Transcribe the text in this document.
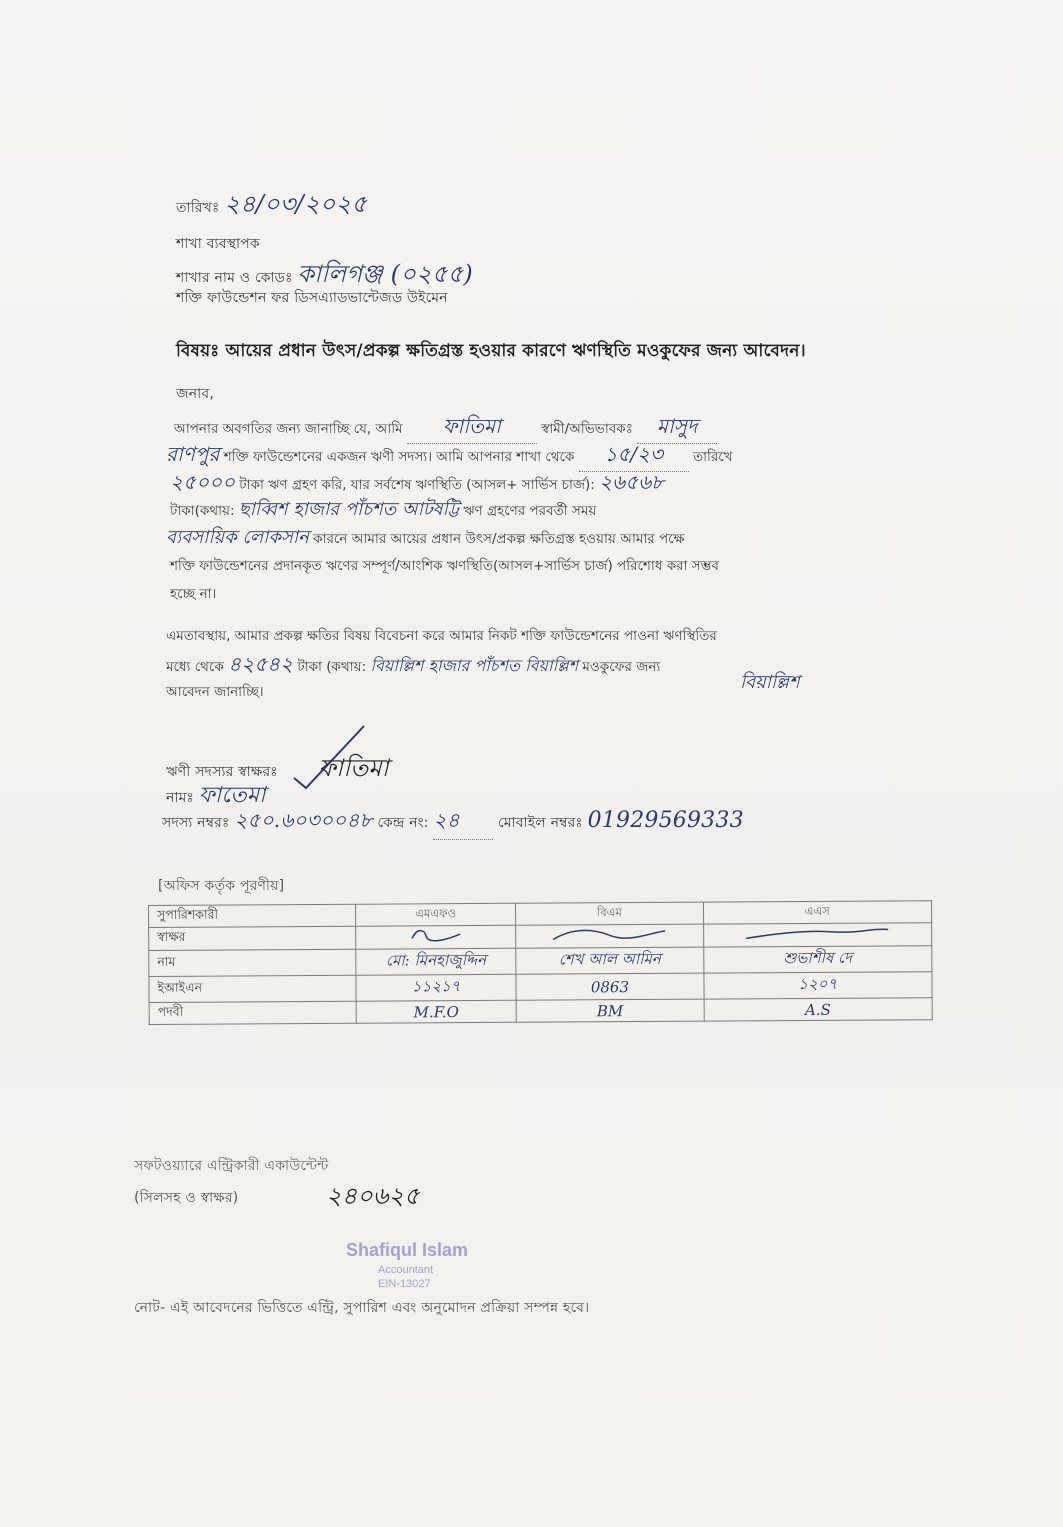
তারিখঃ ২৪/০৩/২০২৫
শাখা ব্যবস্থাপক
শাখার নাম ও কোডঃ কালিগঞ্জ (০২৫৫)
শক্তি ফাউন্ডেশন ফর ডিসএ্যাডভান্টেজড উইমেন
বিষয়ঃ আয়ের প্রধান উৎস/প্রকল্প ক্ষতিগ্রস্ত হওয়ার কারণে ঋণস্থিতি মওকুফের জন্য আবেদন।
জনাব,
আপনার অবগতির জন্য জানাচ্ছি যে, আমি ফাতিমা	স্বামী/অভিভাবকঃ মাসুদ
রাণপুর শক্তি ফাউন্ডেশনের একজন ঋণী সদস্য। আমি আপনার শাখা থেকে ১৫/২৩ তারিখে
২৫০০০ টাকা ঋণ গ্রহণ করি, যার সর্বশেষ ঋণস্থিতি (আসল+ সার্ভিস চার্জ): ২৬৫৬৮
টাকা(কথায়: ছাব্বিশ হাজার পাঁচশত আটষট্টি ঋণ গ্রহণের পরবর্তী সময়
ব্যবসায়িক লোকসান কারনে আমার আয়ের প্রধান উৎস/প্রকল্প ক্ষতিগ্রস্ত হওয়ায় আমার পক্ষে
শক্তি ফাউন্ডেশনের প্রদানকৃত ঋণের সম্পূর্ণ/আংশিক ঋণস্থিতি(আসল+সার্ভিস চার্জ) পরিশোধ করা সম্ভব
হচ্ছে না।
এমতাবস্থায়, আমার প্রকল্প ক্ষতির বিষয় বিবেচনা করে আমার নিকট শক্তি ফাউন্ডেশনের পাওনা ঋণস্থিতির
মধ্যে থেকে ৪২৫৪২ টাকা (কথায়: বিয়াল্লিশ হাজার পাঁচশত বিয়াল্লিশ মওকুফের জন্য
বিয়াল্লিশ
আবেদন জানাচ্ছি।
ঋণী সদস্যর স্বাক্ষরঃ ফাতিমা
নামঃ ফাতেমা
সদস্য নম্বরঃ ২৫০.৬০৩০০৪৮ কেন্দ্র নং: ২৪	মোবাইল নম্বরঃ 01929569333
[অফিস কর্তৃক পূরণীয়]
সুপারিশকারী	এমএফও	বিএম	এএস
স্বাক্ষর			
নাম	মো: মিনহাজুদ্দিন	শেখ আল আমিন	শুভাশীষ দে
ইআইএন	১১২১৭	0863	১২০৭
পদবী	M.F.O	BM	A.S
সফটওয়্যারে এন্ট্রিকারী একাউন্টেন্ট
(সিলসহ ও স্বাক্ষর)	২৪০৬২৫
Shafiqul Islam
Accountant
EIN-13027
নোট- এই আবেদনের ভিত্তিতে এন্ট্রি, সুপারিশ এবং অনুমোদন প্রক্রিয়া সম্পন্ন হবে।
